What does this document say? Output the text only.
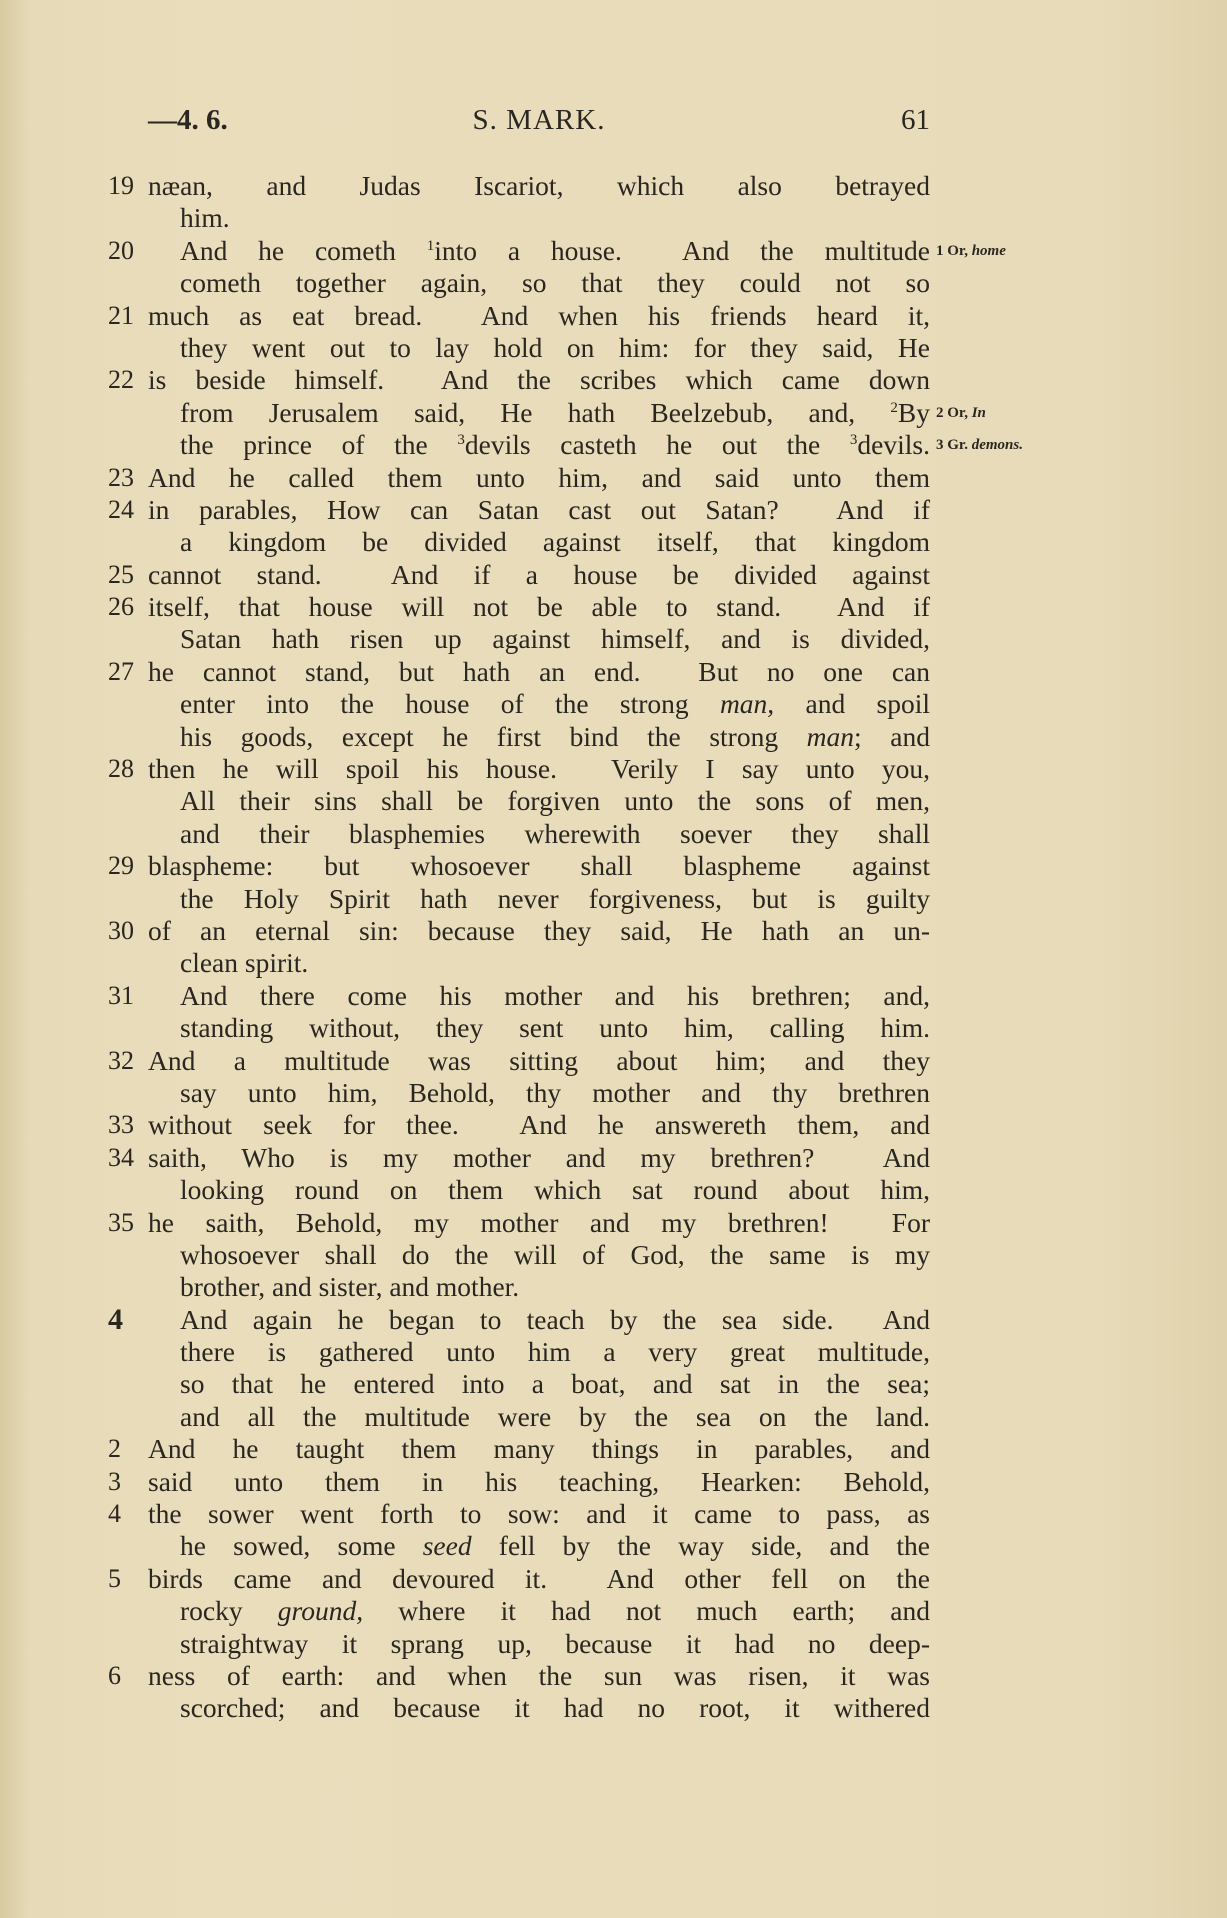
—4. 6.	S. MARK.	61
19 næan, and Judas Iscariot, which also betrayed
him.
20	And he cometh $^1$into a house.  And the multitude 1 Or, home
cometh together again, so that they could not so
21 much as eat bread.  And when his friends heard it,
they went out to lay hold on him: for they said, He
22 is beside himself.  And the scribes which came down
from Jerusalem said, He hath Beelzebub, and, $^2$By 2 Or, In
the prince of the $^3$devils casteth he out the $^3$devils. 3 Gr. demons.
23 And he called them unto him, and said unto them
24 in parables, How can Satan cast out Satan?  And if
a kingdom be divided against itself, that kingdom
25 cannot stand.  And if a house be divided against
26 itself, that house will not be able to stand.  And if
Satan hath risen up against himself, and is divided,
27 he cannot stand, but hath an end.  But no one can
enter into the house of the strong man, and spoil
his goods, except he first bind the strong man; and
28 then he will spoil his house.  Verily I say unto you,
All their sins shall be forgiven unto the sons of men,
and their blasphemies wherewith soever they shall
29 blaspheme: but whosoever shall blaspheme against
the Holy Spirit hath never forgiveness, but is guilty
30 of an eternal sin: because they said, He hath an un-
clean spirit.
31	And there come his mother and his brethren; and,
standing without, they sent unto him, calling him.
32 And a multitude was sitting about him; and they
say unto him, Behold, thy mother and thy brethren
33 without seek for thee.  And he answereth them, and
34 saith, Who is my mother and my brethren?  And
looking round on them which sat round about him,
35 he saith, Behold, my mother and my brethren!  For
whosoever shall do the will of God, the same is my
brother, and sister, and mother.
4	And again he began to teach by the sea side.  And
there is gathered unto him a very great multitude,
so that he entered into a boat, and sat in the sea;
and all the multitude were by the sea on the land.
2 And he taught them many things in parables, and
3 said unto them in his teaching, Hearken: Behold,
4 the sower went forth to sow: and it came to pass, as
he sowed, some seed fell by the way side, and the
5 birds came and devoured it.  And other fell on the
rocky ground, where it had not much earth; and
straightway it sprang up, because it had no deep-
6 ness of earth: and when the sun was risen, it was
scorched; and because it had no root, it withered
